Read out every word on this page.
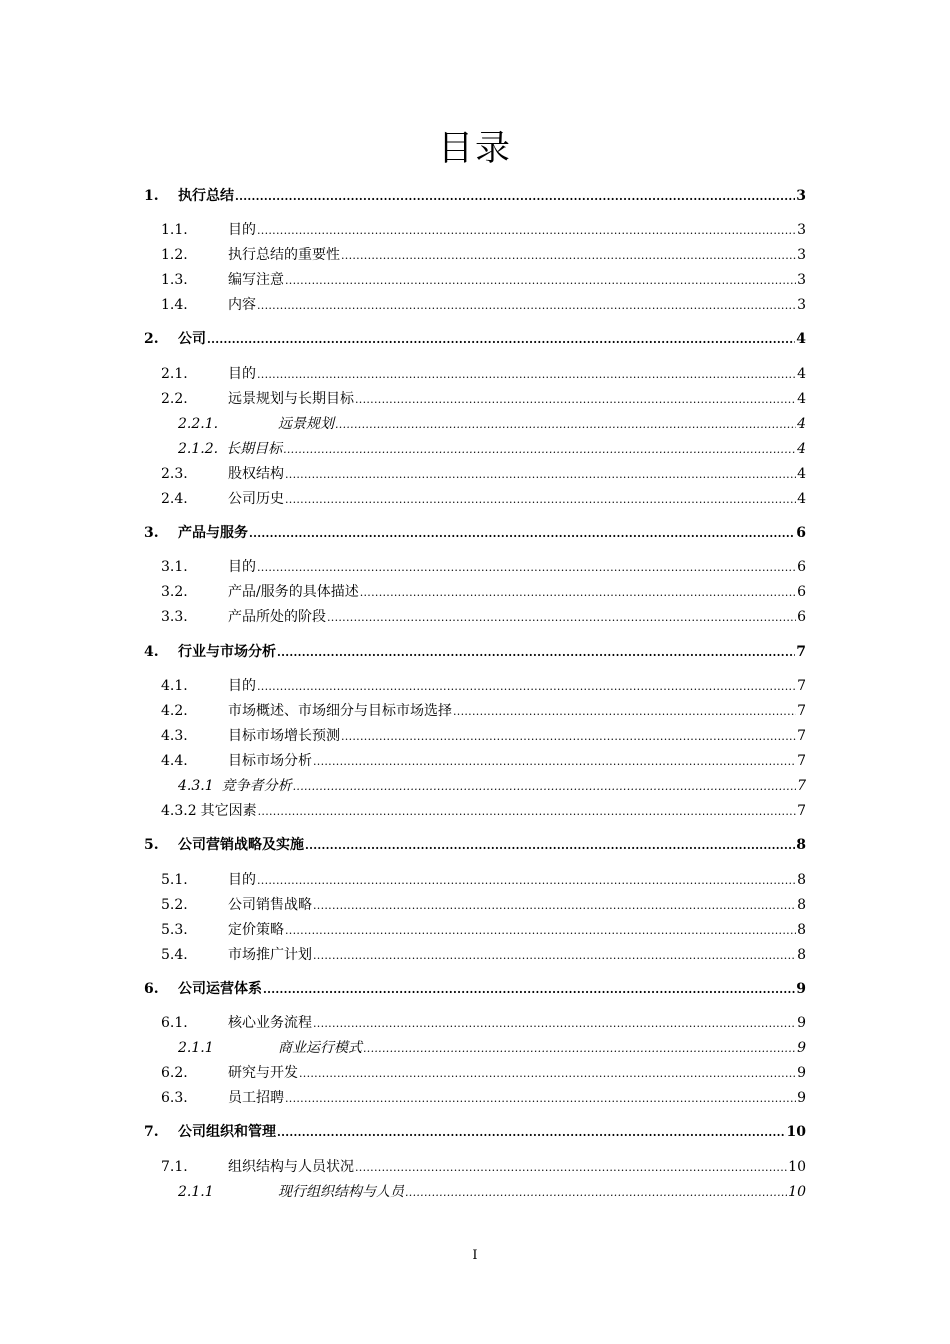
目录
1.	执行总结 .....	3
1.1.	目的 .....	3
1.2.	执行总结的重要性 .....	3
1.3.	编写注意 .....	3
1.4.	内容 .....	3
2.	公司 .....	4
2.1.	目的 .....	4
2.2.	远景规划与长期目标 .....	4
2.2.1.	远景规划 .....	4
2.1.2. 长期目标 .....	4
2.3.	股权结构 .....	4
2.4.	公司历史 .....	4
3.	产品与服务 .....	6
3.1.	目的 .....	6
3.2.	产品/服务的具体描述 .....	6
3.3.	产品所处的阶段 .....	6
4.	行业与市场分析 .....	7
4.1.	目的 .....	7
4.2.	市场概述、市场细分与目标市场选择 .....	7
4.3.	目标市场增长预测 .....	7
4.4.	目标市场分析 .....	7
4.3.1 竞争者分析 .....	7
4.3.2 其它因素 .....	7
5.	公司营销战略及实施 .....	8
5.1.	目的 .....	8
5.2.	公司销售战略 .....	8
5.3.	定价策略 .....	8
5.4.	市场推广计划 .....	8
6.	公司运营体系 .....	9
6.1.	核心业务流程 .....	9
2.1.1	商业运行模式 .....	9
6.2.	研究与开发 .....	9
6.3.	员工招聘 .....	9
7.	公司组织和管理 .....	10
7.1.	组织结构与人员状况 .....	10
2.1.1	现行组织结构与人员 .....	10
I
